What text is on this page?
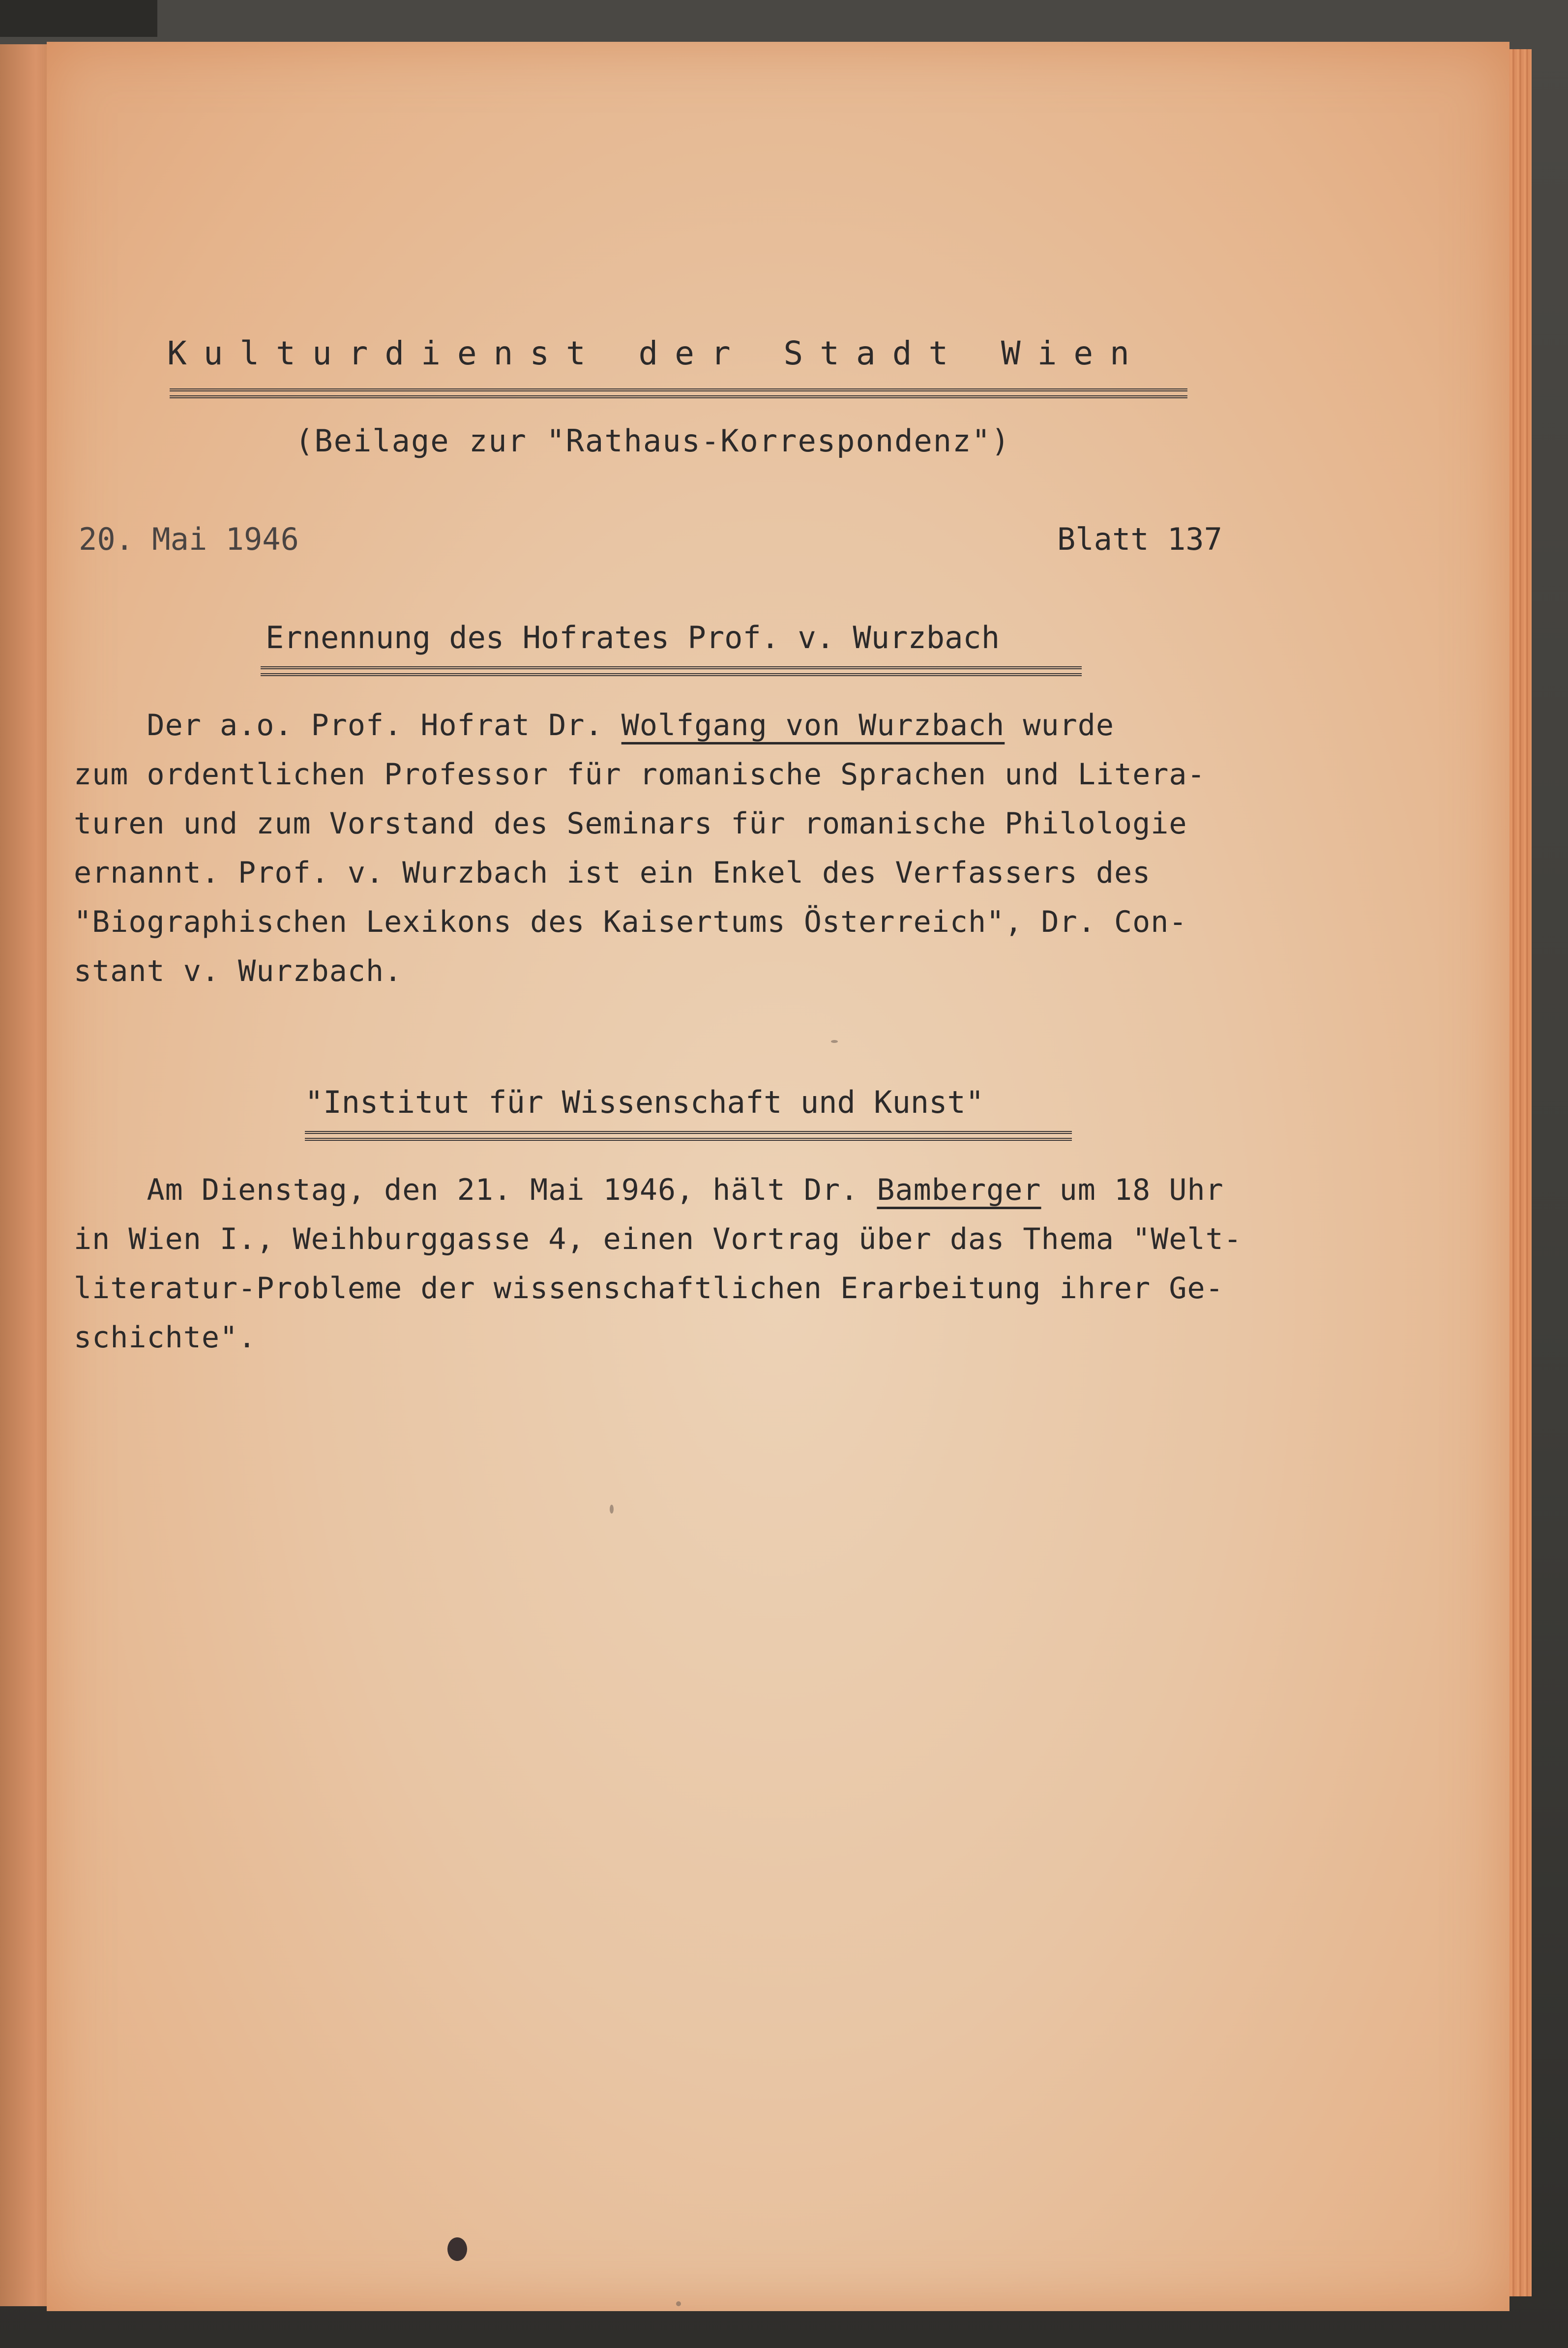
Kulturdienst der Stadt Wien

(Beilage zur "Rathaus-Korrespondenz")

20. Mai 1946	Blatt 137

Ernennung des Hofrates Prof. v. Wurzbach

Der a.o. Prof. Hofrat Dr. Wolfgang von Wurzbach wurde
zum ordentlichen Professor für romanische Sprachen und Litera-
turen und zum Vorstand des Seminars für romanische Philologie
ernannt. Prof. v. Wurzbach ist ein Enkel des Verfassers des
"Biographischen Lexikons des Kaisertums Österreich", Dr. Con-
stant v. Wurzbach.

"Institut für Wissenschaft und Kunst"

Am Dienstag, den 21. Mai 1946, hält Dr. Bamberger um 18 Uhr
in Wien I., Weihburggasse 4, einen Vortrag über das Thema "Welt-
literatur-Probleme der wissenschaftlichen Erarbeitung ihrer Ge-
schichte".
